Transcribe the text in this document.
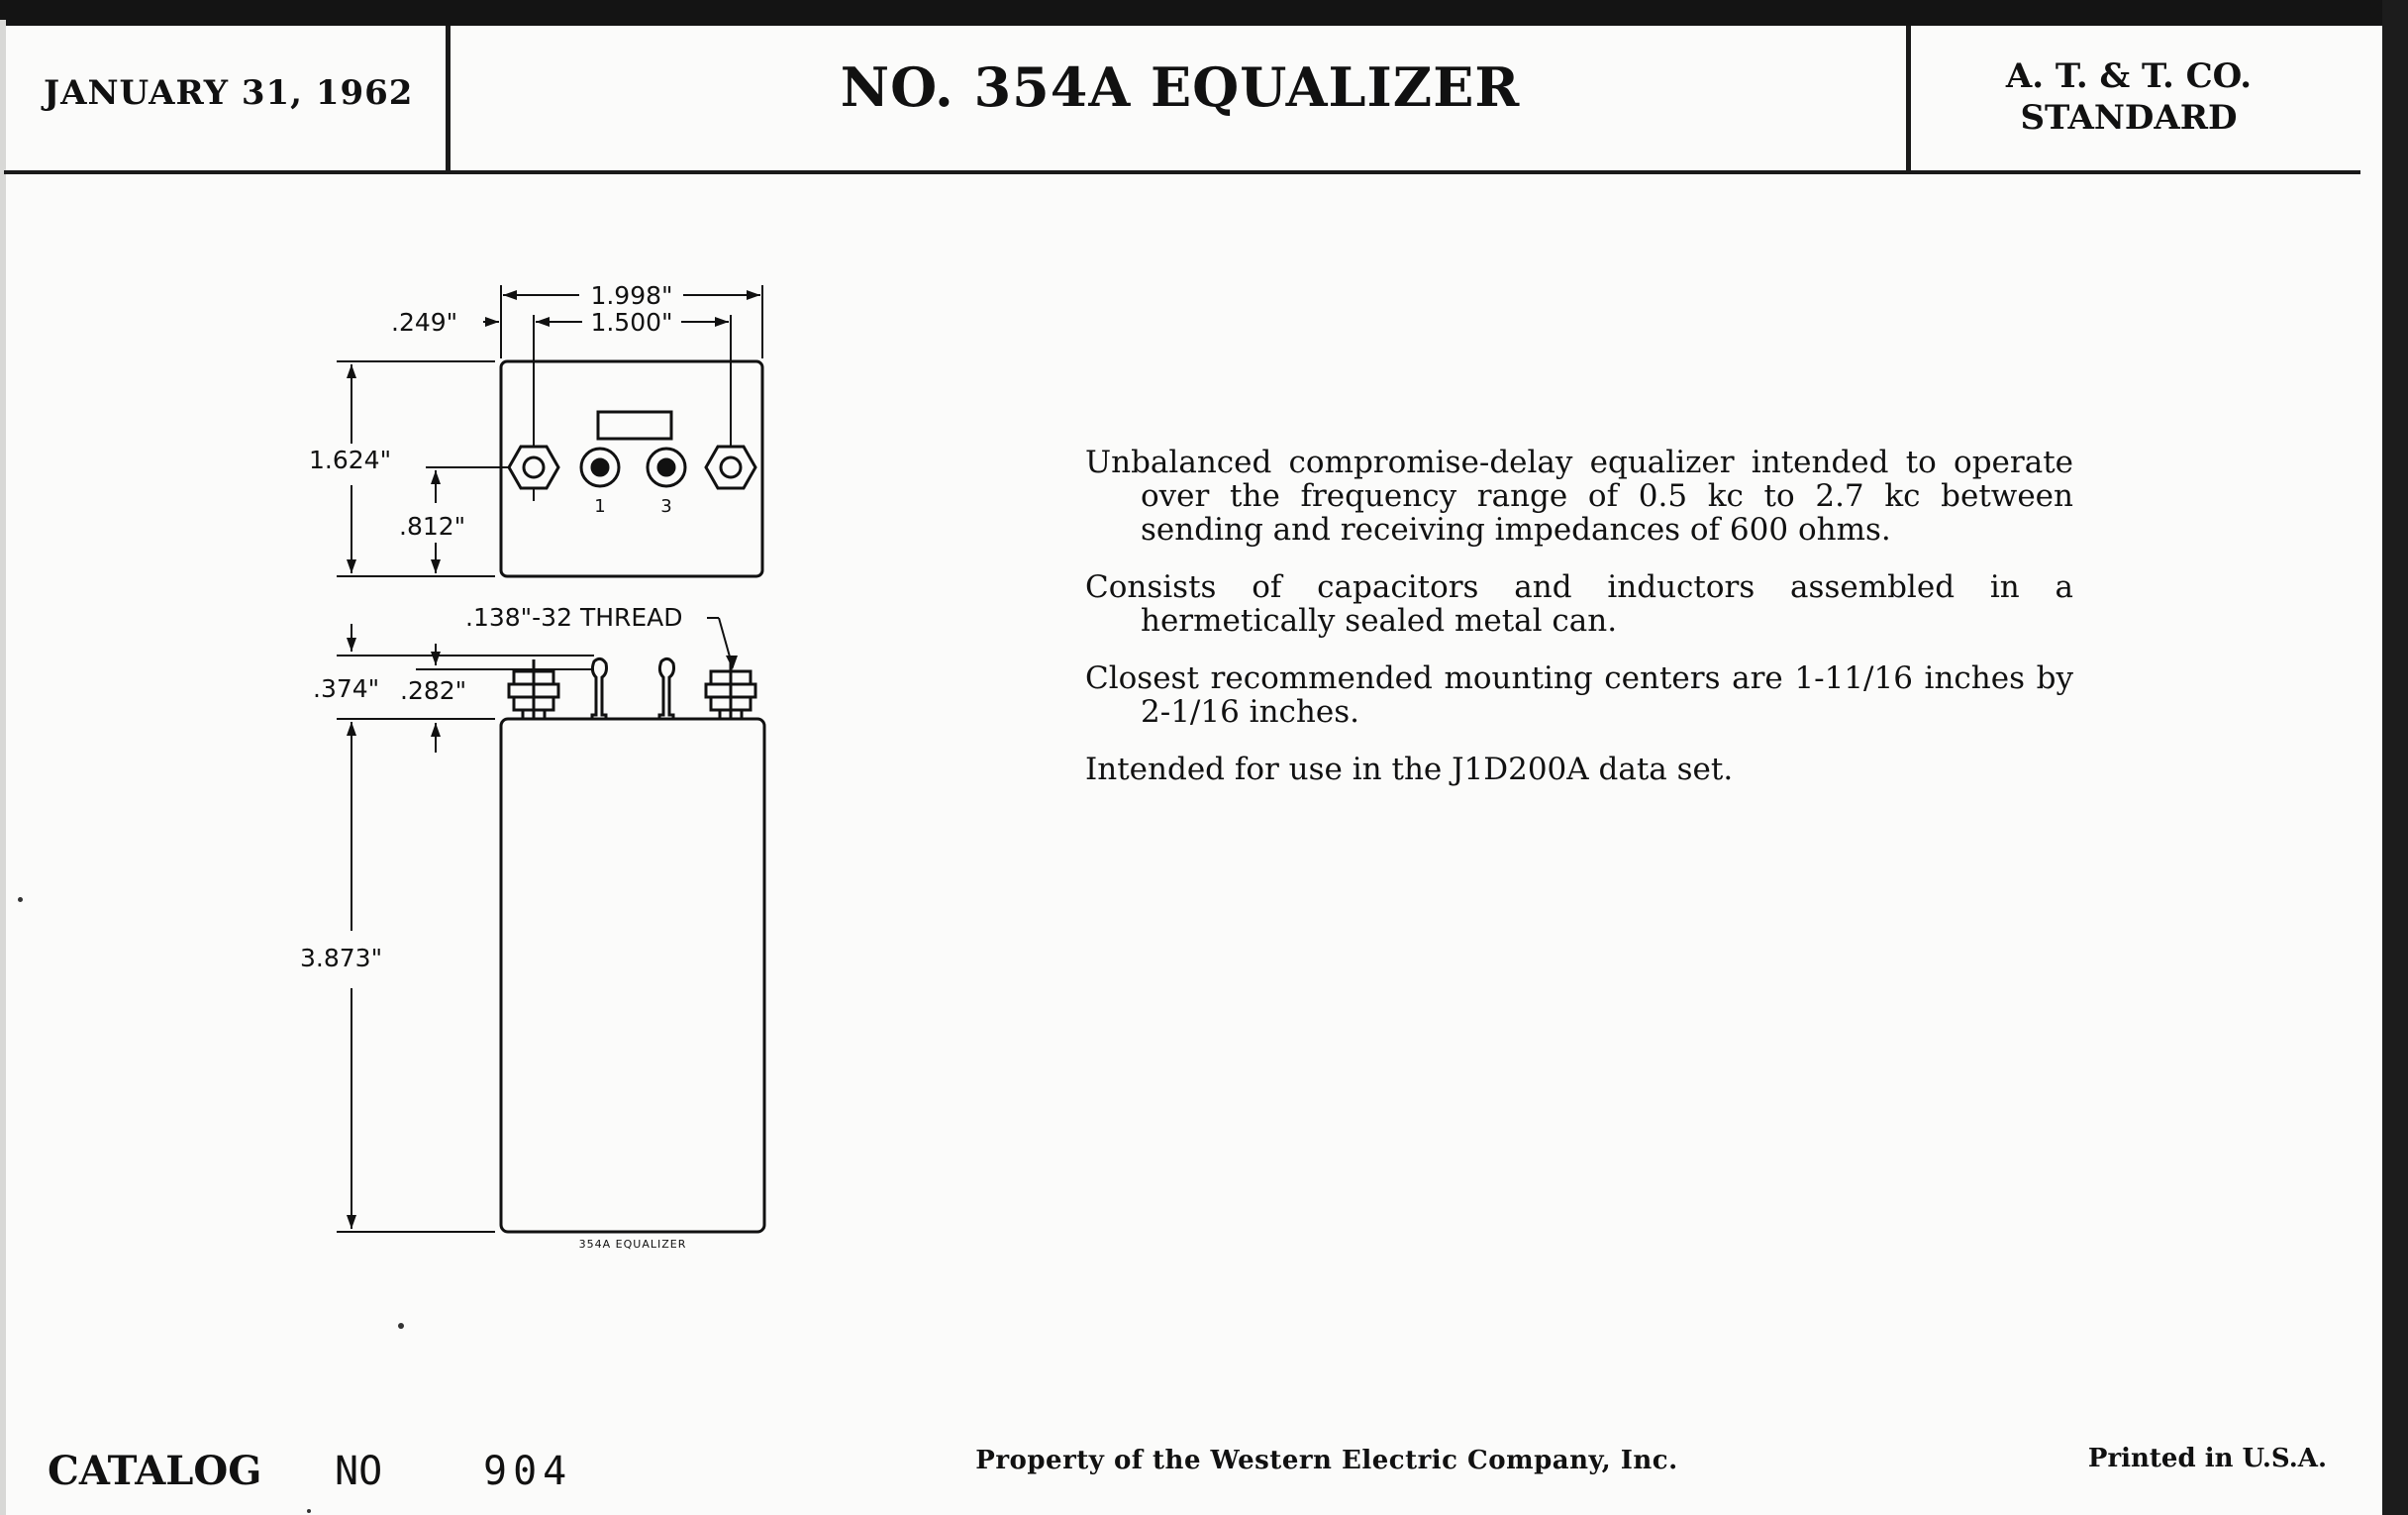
JANUARY 31, 1962	NO. 354A EQUALIZER	A. T. & T. CO.
STANDARD
1.998"
1.500"
.249"
1.624"
.812"
.138"-32 THREAD
.374" .282"
3.873"
1	3
354A EQUALIZER

Unbalanced compromise-delay equalizer intended to operate over the frequency range of 0.5 kc to 2.7 kc between sending and receiving impedances of 600 ohms.

Consists of capacitors and inductors assembled in a hermetically sealed metal can.

Closest recommended mounting centers are 1-11/16 inches by 2-1/16 inches.

Intended for use in the J1D200A data set.

CATALOG NO	904	Property of the Western Electric Company, Inc.	Printed in U.S.A.
